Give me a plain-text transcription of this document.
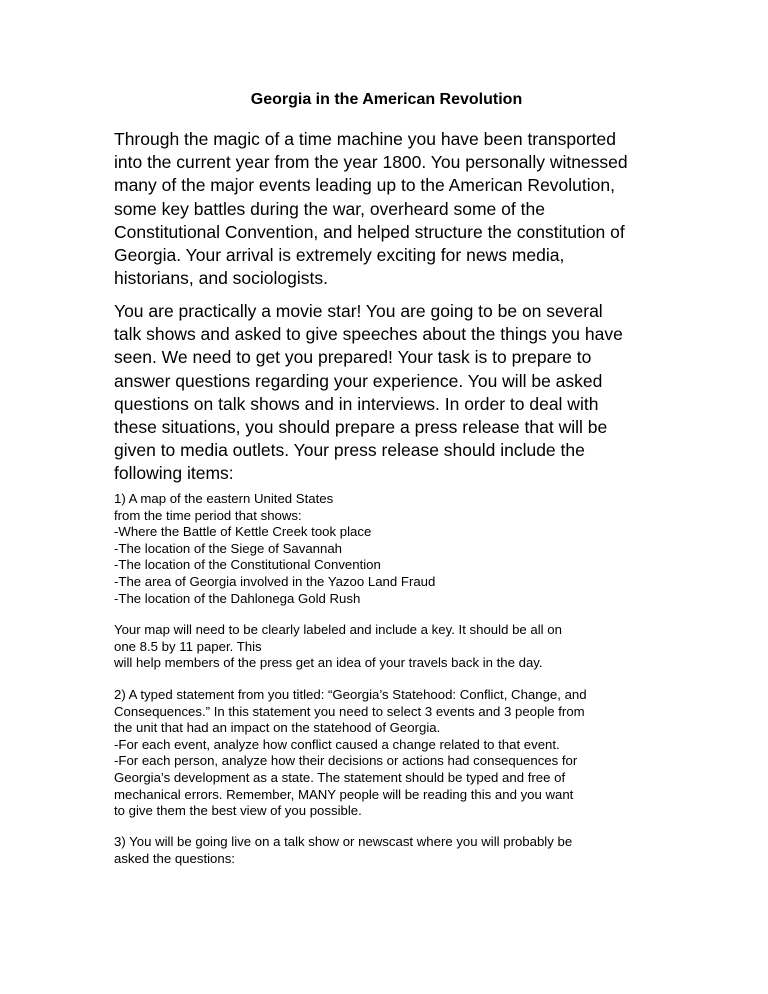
Georgia in the American Revolution

Through the magic of a time machine you have been transported
into the current year from the year 1800. You personally witnessed
many of the major events leading up to the American Revolution,
some key battles during the war, overheard some of the
Constitutional Convention, and helped structure the constitution of
Georgia. Your arrival is extremely exciting for news media,
historians, and sociologists.

You are practically a movie star! You are going to be on several
talk shows and asked to give speeches about the things you have
seen. We need to get you prepared! Your task is to prepare to
answer questions regarding your experience. You will be asked
questions on talk shows and in interviews. In order to deal with
these situations, you should prepare a press release that will be
given to media outlets. Your press release should include the
following items:

1) A map of the eastern United States
from the time period that shows:
-Where the Battle of Kettle Creek took place
-The location of the Siege of Savannah
-The location of the Constitutional Convention
-The area of Georgia involved in the Yazoo Land Fraud
-The location of the Dahlonega Gold Rush

Your map will need to be clearly labeled and include a key. It should be all on
one 8.5 by 11 paper. This
will help members of the press get an idea of your travels back in the day.

2) A typed statement from you titled: “Georgia’s Statehood: Conflict, Change, and
Consequences.” In this statement you need to select 3 events and 3 people from
the unit that had an impact on the statehood of Georgia.
-For each event, analyze how conflict caused a change related to that event.
-For each person, analyze how their decisions or actions had consequences for
Georgia’s development as a state. The statement should be typed and free of
mechanical errors. Remember, MANY people will be reading this and you want
to give them the best view of you possible.

3) You will be going live on a talk show or newscast where you will probably be
asked the questions:
